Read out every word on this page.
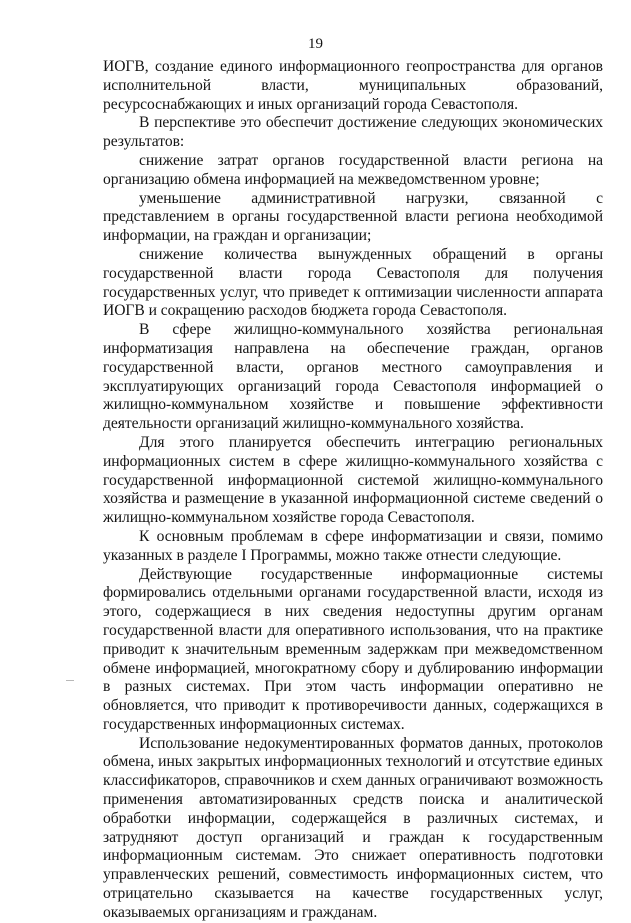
19

ИОГВ, создание единого информационного геопространства для органов исполнительной власти, муниципальных образований, ресурсоснабжающих и иных организаций города Севастополя.

В перспективе это обеспечит достижение следующих экономических результатов:

снижение затрат органов государственной власти региона на организацию обмена информацией на межведомственном уровне;

уменьшение административной нагрузки, связанной с представлением в органы государственной власти региона необходимой информации, на граждан и организации;

снижение количества вынужденных обращений в органы государственной власти города Севастополя для получения государственных услуг, что приведет к оптимизации численности аппарата ИОГВ и сокращению расходов бюджета города Севастополя.

В сфере жилищно-коммунального хозяйства региональная информатизация направлена на обеспечение граждан, органов государственной власти, органов местного самоуправления и эксплуатирующих организаций города Севастополя информацией о жилищно-коммунальном хозяйстве и повышение эффективности деятельности организаций жилищно-коммунального хозяйства.

Для этого планируется обеспечить интеграцию региональных информационных систем в сфере жилищно-коммунального хозяйства с государственной информационной системой жилищно-коммунального хозяйства и размещение в указанной информационной системе сведений о жилищно-коммунальном хозяйстве города Севастополя.

К основным проблемам в сфере информатизации и связи, помимо указанных в разделе I Программы, можно также отнести следующие.

Действующие государственные информационные системы формировались отдельными органами государственной власти, исходя из этого, содержащиеся в них сведения недоступны другим органам государственной власти для оперативного использования, что на практике приводит к значительным временным задержкам при межведомственном обмене информацией, многократному сбору и дублированию информации в разных системах. При этом часть информации оперативно не обновляется, что приводит к противоречивости данных, содержащихся в государственных информационных системах.

Использование недокументированных форматов данных, протоколов обмена, иных закрытых информационных технологий и отсутствие единых классификаторов, справочников и схем данных ограничивают возможность применения автоматизированных средств поиска и аналитической обработки информации, содержащейся в различных системах, и затрудняют доступ организаций и граждан к государственным информационным системам. Это снижает оперативность подготовки управленческих решений, совместимость информационных систем, что отрицательно сказывается на качестве государственных услуг, оказываемых организациям и гражданам.
